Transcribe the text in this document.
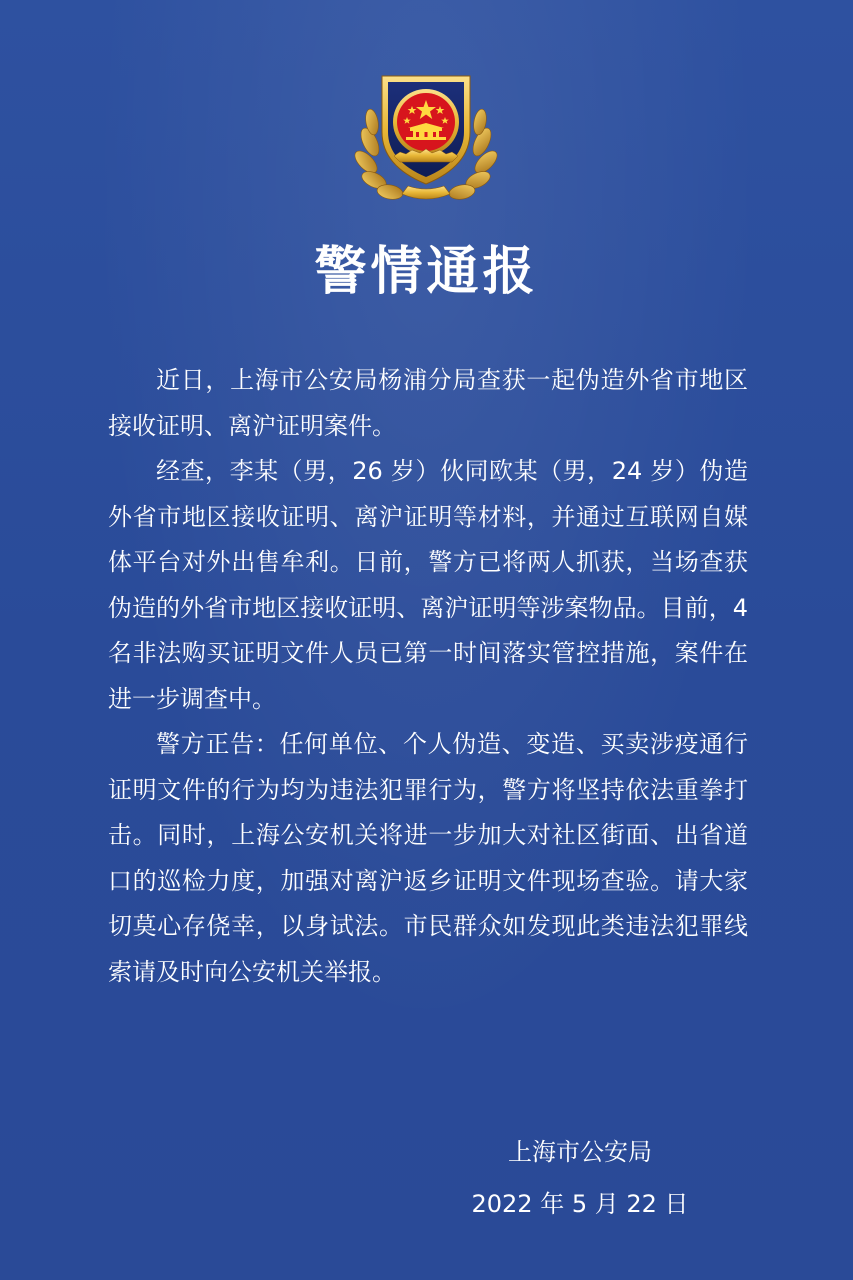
警情通报

近日，上海市公安局杨浦分局查获一起伪造外省市地区接收证明、离沪证明案件。

经查，李某（男，26 岁）伙同欧某（男，24 岁）伪造外省市地区接收证明、离沪证明等材料，并通过互联网自媒体平台对外出售牟利。日前，警方已将两人抓获，当场查获伪造的外省市地区接收证明、离沪证明等涉案物品。目前，4 名非法购买证明文件人员已第一时间落实管控措施，案件在进一步调查中。

警方正告：任何单位、个人伪造、变造、买卖涉疫通行证明文件的行为均为违法犯罪行为，警方将坚持依法重拳打击。同时，上海公安机关将进一步加大对社区街面、出省道口的巡检力度，加强对离沪返乡证明文件现场查验。请大家切莫心存侥幸，以身试法。市民群众如发现此类违法犯罪线索请及时向公安机关举报。

上海市公安局
2022 年 5 月 22 日
